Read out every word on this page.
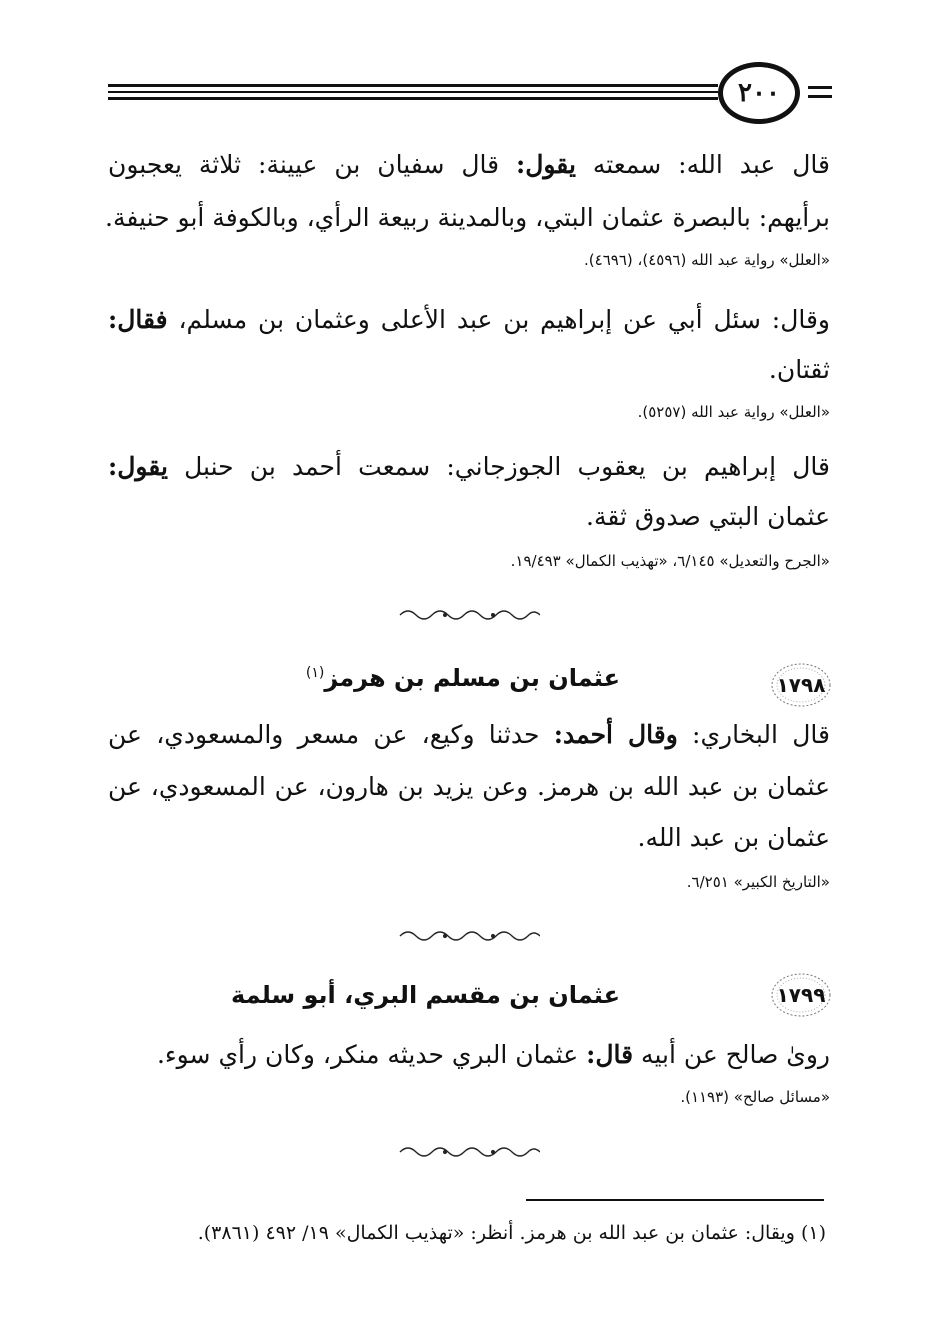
٢٠٠
قال عبد الله: سمعته يقول: قال سفيان بن عيينة: ثلاثة يعجبون
برأيهم: بالبصرة عثمان البتي، وبالمدينة ربيعة الرأي، وبالكوفة أبو حنيفة.
«العلل» رواية عبد الله (٤٥٩٦)، (٤٦٩٦).
وقال: سئل أبي عن إبراهيم بن عبد الأعلى وعثمان بن مسلم، فقال:
ثقتان.
«العلل» رواية عبد الله (٥٢٥٧).
قال إبراهيم بن يعقوب الجوزجاني: سمعت أحمد بن حنبل يقول:
عثمان البتي صدوق ثقة.
«الجرح والتعديل» ٦/١٤٥، «تهذيب الكمال» ١٩/٤٩٣.
١٧٩٨
عثمان بن مسلم بن هرمز$^{(١)}$
قال البخاري: وقال أحمد: حدثنا وكيع، عن مسعر والمسعودي، عن
عثمان بن عبد الله بن هرمز. وعن يزيد بن هارون، عن المسعودي، عن
عثمان بن عبد الله.
«التاريخ الكبير» ٦/٢٥١.
١٧٩٩
عثمان بن مقسم البري، أبو سلمة
روىٰ صالح عن أبيه قال: عثمان البري حديثه منكر، وكان رأي سوء.
«مسائل صالح» (١١٩٣).
(١) ويقال: عثمان بن عبد الله بن هرمز. أنظر: «تهذيب الكمال» ١٩/ ٤٩٢ (٣٨٦١).
